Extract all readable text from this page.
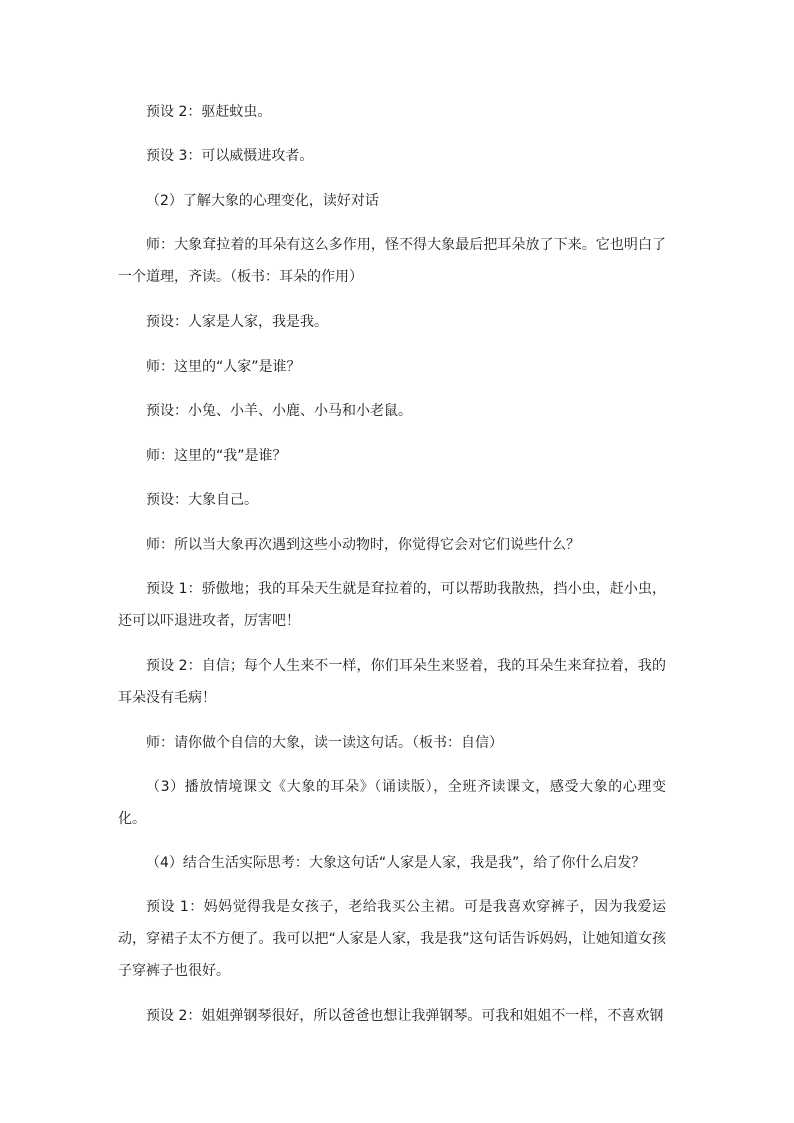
预设 2：驱赶蚊虫。

预设 3：可以威慑进攻者。

（2）了解大象的心理变化，读好对话

师：大象耷拉着的耳朵有这么多作用，怪不得大象最后把耳朵放了下来。它也明白了一个道理，齐读。（板书：耳朵的作用）

预设：人家是人家，我是我。

师：这里的“人家”是谁？

预设：小兔、小羊、小鹿、小马和小老鼠。

师：这里的“我”是谁？

预设：大象自己。

师：所以当大象再次遇到这些小动物时，你觉得它会对它们说些什么？

预设 1：骄傲地；我的耳朵天生就是耷拉着的，可以帮助我散热，挡小虫，赶小虫，还可以吓退进攻者，厉害吧！

预设 2：自信；每个人生来不一样，你们耳朵生来竖着，我的耳朵生来耷拉着，我的耳朵没有毛病！

师：请你做个自信的大象，读一读这句话。（板书：自信）

（3）播放情境课文《大象的耳朵》（诵读版），全班齐读课文，感受大象的心理变化。

（4）结合生活实际思考：大象这句话“人家是人家，我是我”，给了你什么启发？

预设 1：妈妈觉得我是女孩子，老给我买公主裙。可是我喜欢穿裤子，因为我爱运动，穿裙子太不方便了。我可以把“人家是人家，我是我”这句话告诉妈妈，让她知道女孩子穿裤子也很好。

预设 2：姐姐弹钢琴很好，所以爸爸也想让我弹钢琴。可我和姐姐不一样，不喜欢钢
